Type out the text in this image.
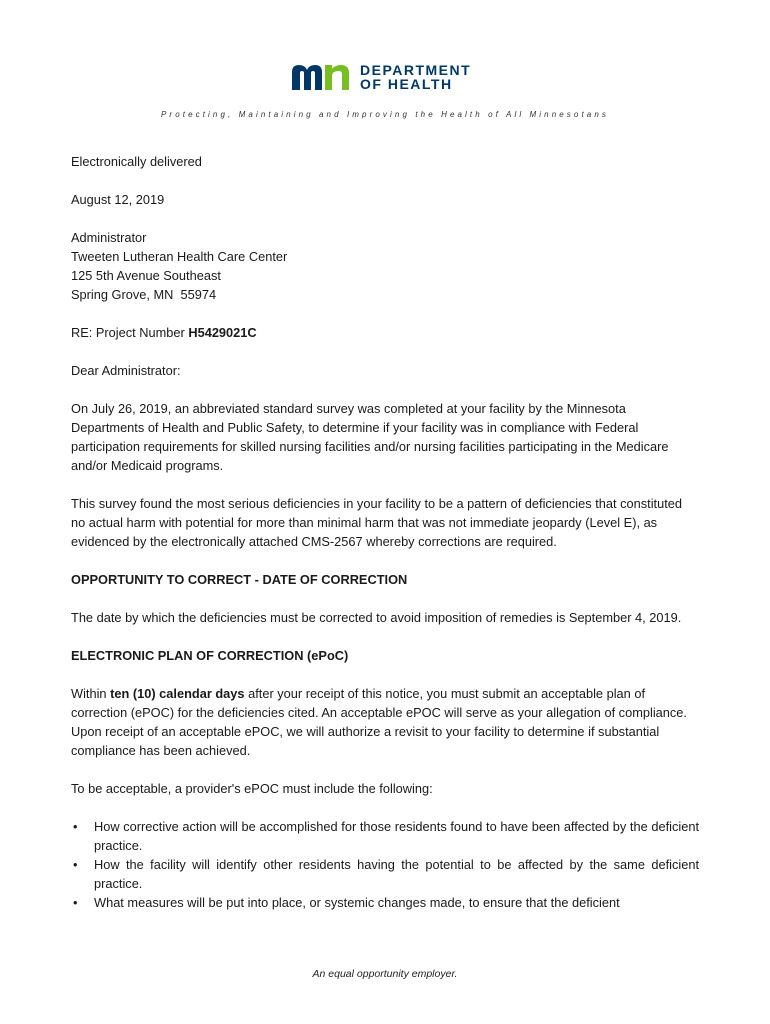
DEPARTMENT
OF HEALTH
Protecting, Maintaining and Improving the Health of All Minnesotans

Electronically delivered

August 12, 2019

Administrator
Tweeten Lutheran Health Care Center
125 5th Avenue Southeast
Spring Grove, MN  55974

RE: Project Number H5429021C

Dear Administrator:

On July 26, 2019, an abbreviated standard survey was completed at your facility by the Minnesota Departments of Health and Public Safety, to determine if your facility was in compliance with Federal participation requirements for skilled nursing facilities and/or nursing facilities participating in the Medicare and/or Medicaid programs.

This survey found the most serious deficiencies in your facility to be a pattern of deficiencies that constituted no actual harm with potential for more than minimal harm that was not immediate jeopardy (Level E), as evidenced by the electronically attached CMS-2567 whereby corrections are required.

OPPORTUNITY TO CORRECT - DATE OF CORRECTION

The date by which the deficiencies must be corrected to avoid imposition of remedies is September 4, 2019.

ELECTRONIC PLAN OF CORRECTION (ePoC)

Within ten (10) calendar days after your receipt of this notice, you must submit an acceptable plan of correction (ePOC) for the deficiencies cited. An acceptable ePOC will serve as your allegation of compliance. Upon receipt of an acceptable ePOC, we will authorize a revisit to your facility to determine if substantial compliance has been achieved.

To be acceptable, a provider's ePOC must include the following:

• How corrective action will be accomplished for those residents found to have been affected by the deficient practice.
• How the facility will identify other residents having the potential to be affected by the same deficient practice.
• What measures will be put into place, or systemic changes made, to ensure that the deficient
An equal opportunity employer.
